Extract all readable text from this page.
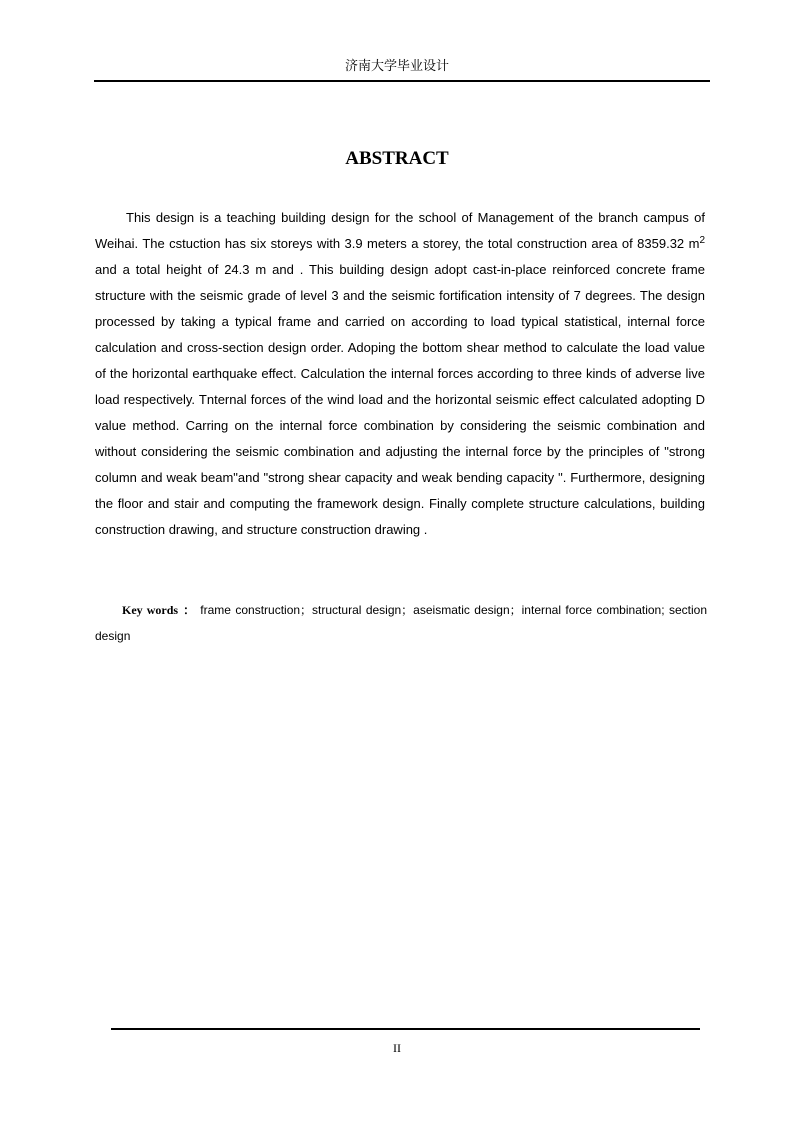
济南大学毕业设计
ABSTRACT

This design is a teaching building design for the school of Management of the branch campus of Weihai. The cstuction has six storeys with 3.9 meters a storey, the total construction area of 8359.32 $m^2$ and a total height of 24.3 m and . This building design adopt cast-in-place reinforced concrete frame structure with the seismic grade of level 3 and the seismic fortification intensity of 7 degrees. The design processed by taking a typical frame and carried on according to load typical statistical, internal force calculation and cross-section design order. Adoping the bottom shear method to calculate the load value of the horizontal earthquake effect. Calculation the internal forces according to three kinds of adverse live load respectively. Tnternal forces of the wind load and the horizontal seismic effect calculated adopting D value method. Carring on the internal force combination by considering the seismic combination and without considering the seismic combination and adjusting the internal force by the principles of "strong column and weak beam"and "strong shear capacity and weak bending capacity ". Furthermore, designing the floor and stair and computing the framework design. Finally complete structure calculations, building construction drawing, and structure construction drawing .

Key words ： frame construction；structural design；aseismatic design；internal force combination; section design

II
